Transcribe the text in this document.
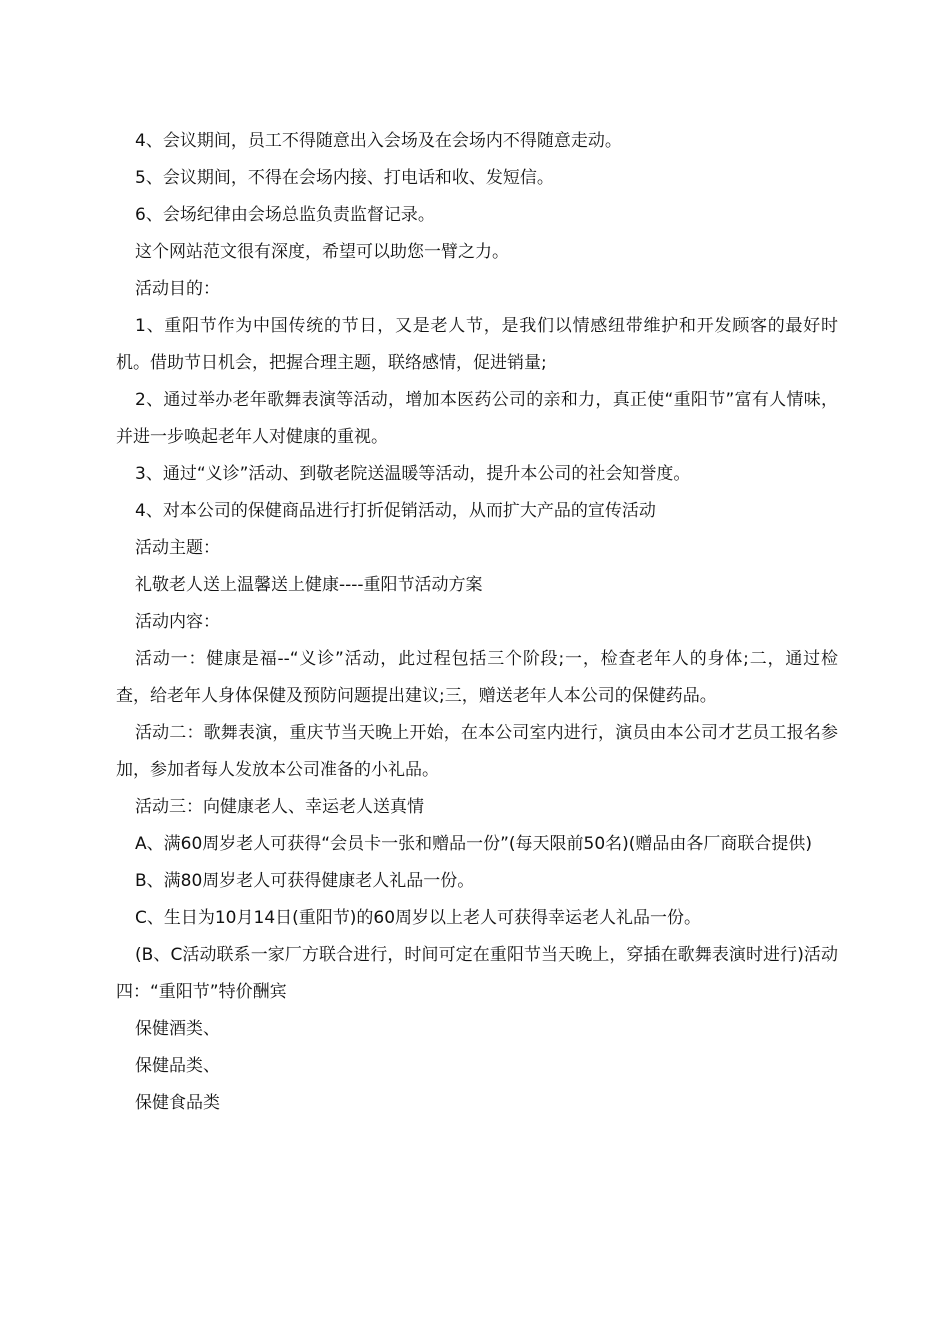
4、会议期间，员工不得随意出入会场及在会场内不得随意走动。

5、会议期间，不得在会场内接、打电话和收、发短信。

6、会场纪律由会场总监负责监督记录。

这个网站范文很有深度，希望可以助您一臂之力。

活动目的：

1、重阳节作为中国传统的节日，又是老人节，是我们以情感纽带维护和开发顾客的最好时机。借助节日机会，把握合理主题，联络感情，促进销量;

2、通过举办老年歌舞表演等活动，增加本医药公司的亲和力，真正使“重阳节”富有人情味，并进一步唤起老年人对健康的重视。

3、通过“义诊”活动、到敬老院送温暖等活动，提升本公司的社会知誉度。

4、对本公司的保健商品进行打折促销活动，从而扩大产品的宣传活动

活动主题：

礼敬老人送上温馨送上健康----重阳节活动方案

活动内容：

活动一：健康是福--“义诊”活动，此过程包括三个阶段;一，检查老年人的身体;二，通过检查，给老年人身体保健及预防问题提出建议;三，赠送老年人本公司的保健药品。

活动二：歌舞表演，重庆节当天晚上开始，在本公司室内进行，演员由本公司才艺员工报名参加，参加者每人发放本公司准备的小礼品。

活动三：向健康老人、幸运老人送真情

A、满60周岁老人可获得“会员卡一张和赠品一份”(每天限前50名)(赠品由各厂商联合提供)

B、满80周岁老人可获得健康老人礼品一份。

C、生日为10月14日(重阳节)的60周岁以上老人可获得幸运老人礼品一份。

(B、C活动联系一家厂方联合进行，时间可定在重阳节当天晚上，穿插在歌舞表演时进行)活动四：“重阳节”特价酬宾

保健酒类、

保健品类、

保健食品类
